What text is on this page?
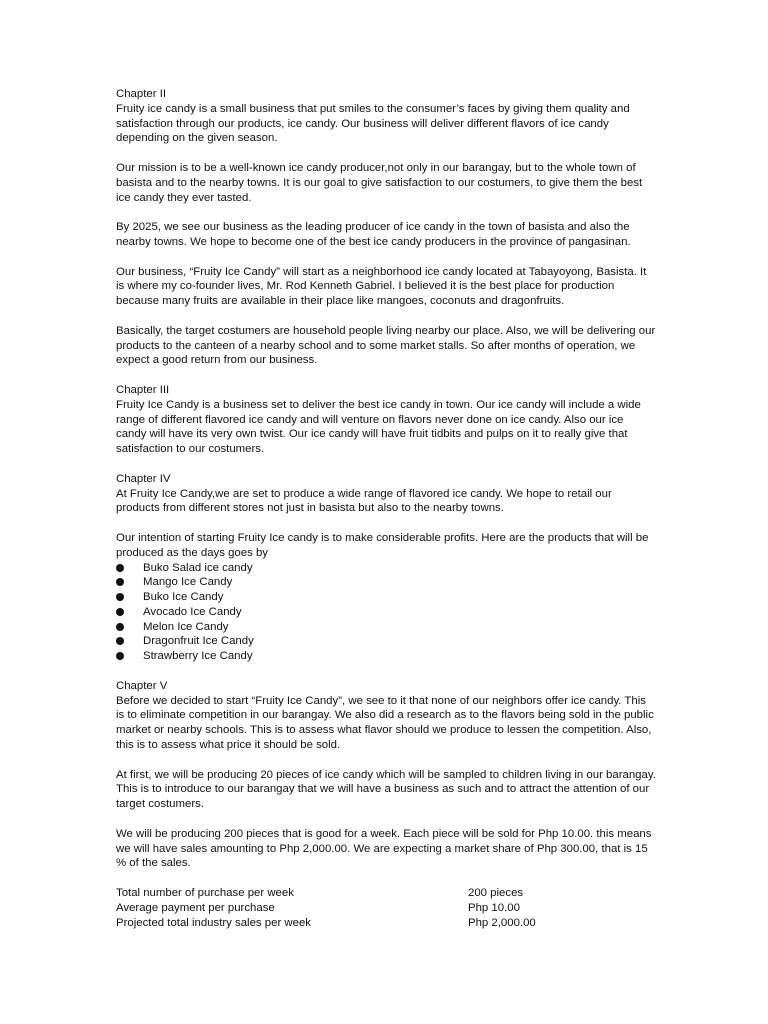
Chapter II
Fruity ice candy is a small business that put smiles to the consumer’s faces by giving them quality and satisfaction through our products, ice candy. Our business will deliver different flavors of ice candy depending on the given season.

Our mission is to be a well-known ice candy producer,not only in our barangay, but to the whole town of basista and to the nearby towns. It is our goal to give satisfaction to our costumers, to give them the best ice candy they ever tasted.

By 2025, we see our business as the leading producer of ice candy in the town of basista and also the nearby towns. We hope to become one of the best ice candy producers in the province of pangasinan.

Our business, “Fruity Ice Candy” will start as a neighborhood ice candy located at Tabayoyong, Basista. It is where my co-founder lives, Mr. Rod Kenneth Gabriel. I believed it is the best place for production because many fruits are available in their place like mangoes, coconuts and dragonfruits.

Basically, the target costumers are household people living nearby our place. Also, we will be delivering our products to the canteen of a nearby school and to some market stalls. So after months of operation, we expect a good return from our business.

Chapter III
Fruity Ice Candy is a business set to deliver the best ice candy in town. Our ice candy will include a wide range of different flavored ice candy and will venture on flavors never done on ice candy. Also our ice candy will have its very own twist. Our ice candy will have fruit tidbits and pulps on it to really give that satisfaction to our costumers.
Chapter IV
At Fruity Ice Candy,we are set to produce a wide range of flavored ice candy. We hope to retail our products from different stores not just in basista but also to the nearby towns.

Our intention of starting Fruity Ice candy is to make considerable profits. Here are the products that will be produced as the days goes by

Buko Salad ice candy
Mango Ice Candy
Buko Ice Candy
Avocado Ice Candy
Melon Ice Candy
Dragonfruit Ice Candy
Strawberry Ice Candy
Chapter V
Before we decided to start “Fruity Ice Candy”, we see to it that none of our neighbors offer ice candy. This is to eliminate competition in our barangay. We also did a research as to the flavors being sold in the public market or nearby schools. This is to assess what flavor should we produce to lessen the competition. Also, this is to assess what price it should be sold.

At first, we will be producing 20 pieces of ice candy which will be sampled to children living in our barangay. This is to introduce to our barangay that we will have a business as such and to attract the attention of our target costumers.

We will be producing 200 pieces that is good for a week. Each piece will be sold for Php 10.00. this means we will have sales amounting to Php 2,000.00. We are expecting a market share of Php 300.00, that is 15 % of the sales.

Total number of purchase per week	200 pieces
Average payment per purchase	Php 10.00
Projected total industry sales per week	Php 2,000.00
